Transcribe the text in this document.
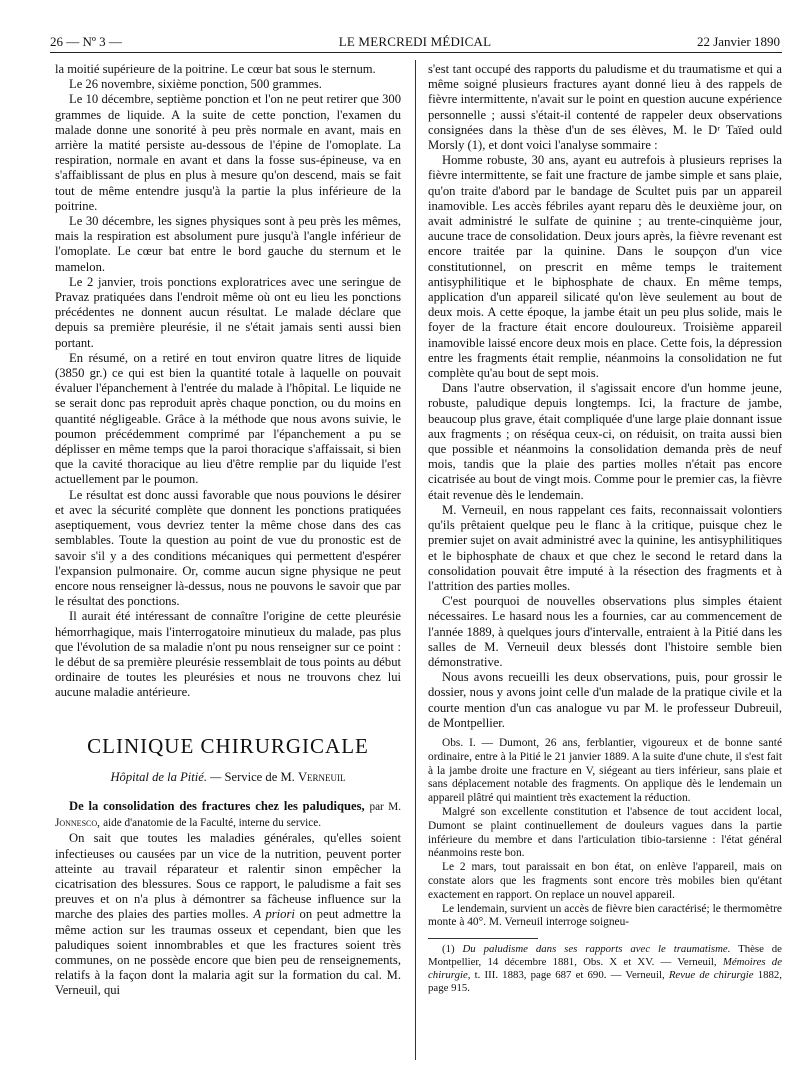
26 — Nº 3 —	LE MERCREDI MÉDICAL	22 Janvier 1890

la moitié supérieure de la poitrine. Le cœur bat sous le sternum.

Le 26 novembre, sixième ponction, 500 grammes.

Le 10 décembre, septième ponction et l'on ne peut retirer que 300 grammes de liquide. A la suite de cette ponction, l'examen du malade donne une sonorité à peu près normale en avant, mais en arrière la matité persiste au-dessous de l'épine de l'omoplate. La respiration, normale en avant et dans la fosse sus-épineuse, va en s'affaiblissant de plus en plus à mesure qu'on descend, mais se fait tout de même entendre jusqu'à la partie la plus inférieure de la poitrine.

Le 30 décembre, les signes physiques sont à peu près les mêmes, mais la respiration est absolument pure jusqu'à l'angle inférieur de l'omoplate. Le cœur bat entre le bord gauche du sternum et le mamelon.

Le 2 janvier, trois ponctions exploratrices avec une seringue de Pravaz pratiquées dans l'endroit même où ont eu lieu les ponctions précédentes ne donnent aucun résultat. Le malade déclare que depuis sa première pleurésie, il ne s'était jamais senti aussi bien portant.

En résumé, on a retiré en tout environ quatre litres de liquide (3850 gr.) ce qui est bien la quantité totale à laquelle on pouvait évaluer l'épanchement à l'entrée du malade à l'hôpital. Le liquide ne se serait donc pas reproduit après chaque ponction, ou du moins en quantité négligeable. Grâce à la méthode que nous avons suivie, le poumon précédemment comprimé par l'épanchement a pu se déplisser en même temps que la paroi thoracique s'affaissait, si bien que la cavité thoracique au lieu d'être remplie par du liquide l'est actuellement par le poumon.

Le résultat est donc aussi favorable que nous pouvions le désirer et avec la sécurité complète que donnent les ponctions pratiquées aseptiquement, vous devriez tenter la même chose dans des cas semblables. Toute la question au point de vue du pronostic est de savoir s'il y a des conditions mécaniques qui permettent d'espérer l'expansion pulmonaire. Or, comme aucun signe physique ne peut encore nous renseigner là-dessus, nous ne pouvons le savoir que par le résultat des ponctions.

Il aurait été intéressant de connaître l'origine de cette pleurésie hémorrhagique, mais l'interrogatoire minutieux du malade, pas plus que l'évolution de sa maladie n'ont pu nous renseigner sur ce point : le début de sa première pleurésie ressemblait de tous points au début ordinaire de toutes les pleurésies et nous ne trouvons chez lui aucune maladie antérieure.

CLINIQUE CHIRURGICALE
Hôpital de la Pitié. — Service de M. Verneuil

De la consolidation des fractures chez les paludiques, par M. Jonnesco, aide d'anatomie de la Faculté, interne du service.

On sait que toutes les maladies générales, qu'elles soient infectieuses ou causées par un vice de la nutrition, peuvent porter atteinte au travail réparateur et ralentir sinon empêcher la cicatrisation des blessures. Sous ce rapport, le paludisme a fait ses preuves et on n'a plus à démontrer sa fâcheuse influence sur la marche des plaies des parties molles. A priori on peut admettre la même action sur les traumas osseux et cependant, bien que les paludiques soient innombrables et que les fractures soient très communes, on ne possède encore que bien peu de renseignements, relatifs à la façon dont la malaria agit sur la formation du cal. M. Verneuil, qui

s'est tant occupé des rapports du paludisme et du traumatisme et qui a même soigné plusieurs fractures ayant donné lieu à des rappels de fièvre intermittente, n'avait sur le point en question aucune expérience personnelle ; aussi s'était-il contenté de rappeler deux observations consignées dans la thèse d'un de ses élèves, M. le Dʳ Taïed ould Morsly (1), et dont voici l'analyse sommaire :

Homme robuste, 30 ans, ayant eu autrefois à plusieurs reprises la fièvre intermittente, se fait une fracture de jambe simple et sans plaie, qu'on traite d'abord par le bandage de Scultet puis par un appareil inamovible. Les accès fébriles ayant reparu dès le deuxième jour, on avait administré le sulfate de quinine ; au trente-cinquième jour, aucune trace de consolidation. Deux jours après, la fièvre revenant est encore traitée par la quinine. Dans le soupçon d'un vice constitutionnel, on prescrit en même temps le traitement antisyphilitique et le biphosphate de chaux. En même temps, application d'un appareil silicaté qu'on lève seulement au bout de deux mois. A cette époque, la jambe était un peu plus solide, mais le foyer de la fracture était encore douloureux. Troisième appareil inamovible laissé encore deux mois en place. Cette fois, la dépression entre les fragments était remplie, néanmoins la consolidation ne fut complète qu'au bout de sept mois.

Dans l'autre observation, il s'agissait encore d'un homme jeune, robuste, paludique depuis longtemps. Ici, la fracture de jambe, beaucoup plus grave, était compliquée d'une large plaie donnant issue aux fragments ; on réséqua ceux-ci, on réduisit, on traita aussi bien que possible et néanmoins la consolidation demanda près de neuf mois, tandis que la plaie des parties molles n'était pas encore cicatrisée au bout de vingt mois. Comme pour le premier cas, la fièvre était revenue dès le lendemain.

M. Verneuil, en nous rappelant ces faits, reconnaissait volontiers qu'ils prêtaient quelque peu le flanc à la critique, puisque chez le premier sujet on avait administré avec la quinine, les antisyphilitiques et le biphosphate de chaux et que chez le second le retard dans la consolidation pouvait être imputé à la résection des fragments et à l'attrition des parties molles.

C'est pourquoi de nouvelles observations plus simples étaient nécessaires. Le hasard nous les a fournies, car au commencement de l'année 1889, à quelques jours d'intervalle, entraient à la Pitié dans les salles de M. Verneuil deux blessés dont l'histoire semble bien démonstrative.

Nous avons recueilli les deux observations, puis, pour grossir le dossier, nous y avons joint celle d'un malade de la pratique civile et la courte mention d'un cas analogue vu par M. le professeur Dubreuil, de Montpellier.

Obs. I. — Dumont, 26 ans, ferblantier, vigoureux et de bonne santé ordinaire, entre à la Pitié le 21 janvier 1889. A la suite d'une chute, il s'est fait à la jambe droite une fracture en V, siégeant au tiers inférieur, sans plaie et sans déplacement notable des fragments. On applique dès le lendemain un appareil plâtré qui maintient très exactement la réduction.

Malgré son excellente constitution et l'absence de tout accident local, Dumont se plaint continuellement de douleurs vagues dans la partie inférieure du membre et dans l'articulation tibio-tarsienne : l'état général néanmoins reste bon.

Le 2 mars, tout paraissait en bon état, on enlève l'appareil, mais on constate alors que les fragments sont encore très mobiles bien qu'étant exactement en rapport. On replace un nouvel appareil.

Le lendemain, survient un accès de fièvre bien caractérisé; le thermomètre monte à 40°. M. Verneuil interroge soigneu-

(1) Du paludisme dans ses rapports avec le traumatisme. Thèse de Montpellier, 14 décembre 1881, Obs. X et XV. — Verneuil, Mémoires de chirurgie, t. III. 1883, page 687 et 690. — Verneuil, Revue de chirurgie 1882, page 915.
